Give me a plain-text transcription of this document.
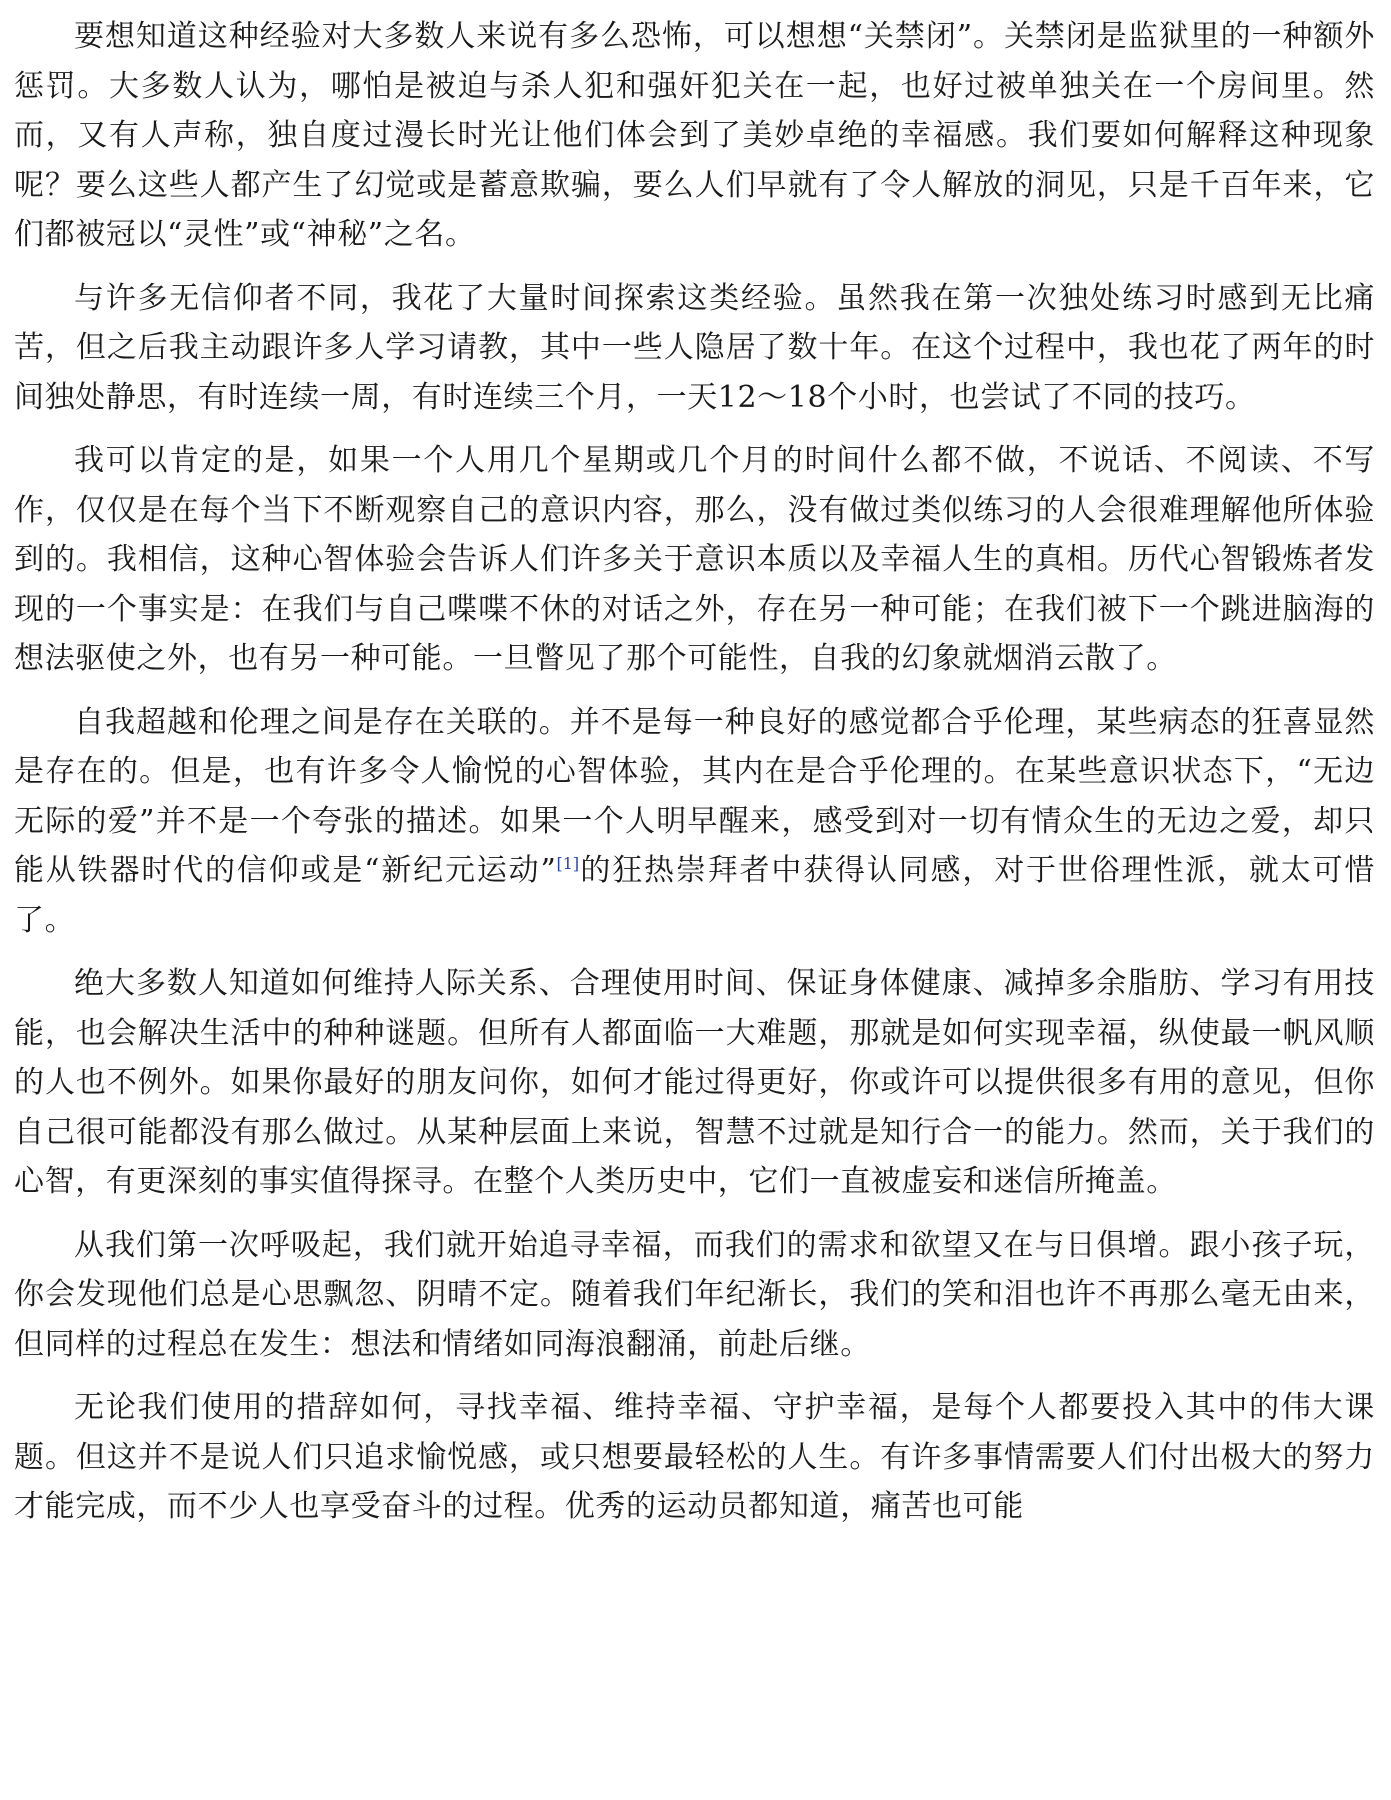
要想知道这种经验对大多数人来说有多么恐怖，可以想想“关禁闭”。关禁闭是监狱里的一种额外惩罚。大多数人认为，哪怕是被迫与杀人犯和强奸犯关在一起，也好过被单独关在一个房间里。然而，又有人声称，独自度过漫长时光让他们体会到了美妙卓绝的幸福感。我们要如何解释这种现象呢？要么这些人都产生了幻觉或是蓄意欺骗，要么人们早就有了令人解放的洞见，只是千百年来，它们都被冠以“灵性”或“神秘”之名。

与许多无信仰者不同，我花了大量时间探索这类经验。虽然我在第一次独处练习时感到无比痛苦，但之后我主动跟许多人学习请教，其中一些人隐居了数十年。在这个过程中，我也花了两年的时间独处静思，有时连续一周，有时连续三个月，一天12～18个小时，也尝试了不同的技巧。

我可以肯定的是，如果一个人用几个星期或几个月的时间什么都不做，不说话、不阅读、不写作，仅仅是在每个当下不断观察自己的意识内容，那么，没有做过类似练习的人会很难理解他所体验到的。我相信，这种心智体验会告诉人们许多关于意识本质以及幸福人生的真相。历代心智锻炼者发现的一个事实是：在我们与自己喋喋不休的对话之外，存在另一种可能；在我们被下一个跳进脑海的想法驱使之外，也有另一种可能。一旦瞥见了那个可能性，自我的幻象就烟消云散了。

自我超越和伦理之间是存在关联的。并不是每一种良好的感觉都合乎伦理，某些病态的狂喜显然是存在的。但是，也有许多令人愉悦的心智体验，其内在是合乎伦理的。在某些意识状态下，“无边无际的爱”并不是一个夸张的描述。如果一个人明早醒来，感受到对一切有情众生的无边之爱，却只能从铁器时代的信仰或是“新纪元运动”[1]的狂热崇拜者中获得认同感，对于世俗理性派，就太可惜了。

绝大多数人知道如何维持人际关系、合理使用时间、保证身体健康、减掉多余脂肪、学习有用技能，也会解决生活中的种种谜题。但所有人都面临一大难题，那就是如何实现幸福，纵使最一帆风顺的人也不例外。如果你最好的朋友问你，如何才能过得更好，你或许可以提供很多有用的意见，但你自己很可能都没有那么做过。从某种层面上来说，智慧不过就是知行合一的能力。然而，关于我们的心智，有更深刻的事实值得探寻。在整个人类历史中，它们一直被虚妄和迷信所掩盖。

从我们第一次呼吸起，我们就开始追寻幸福，而我们的需求和欲望又在与日俱增。跟小孩子玩，你会发现他们总是心思飘忽、阴晴不定。随着我们年纪渐长，我们的笑和泪也许不再那么毫无由来，但同样的过程总在发生：想法和情绪如同海浪翻涌，前赴后继。

无论我们使用的措辞如何，寻找幸福、维持幸福、守护幸福，是每个人都要投入其中的伟大课题。但这并不是说人们只追求愉悦感，或只想要最轻松的人生。有许多事情需要人们付出极大的努力才能完成，而不少人也享受奋斗的过程。优秀的运动员都知道，痛苦也可能
